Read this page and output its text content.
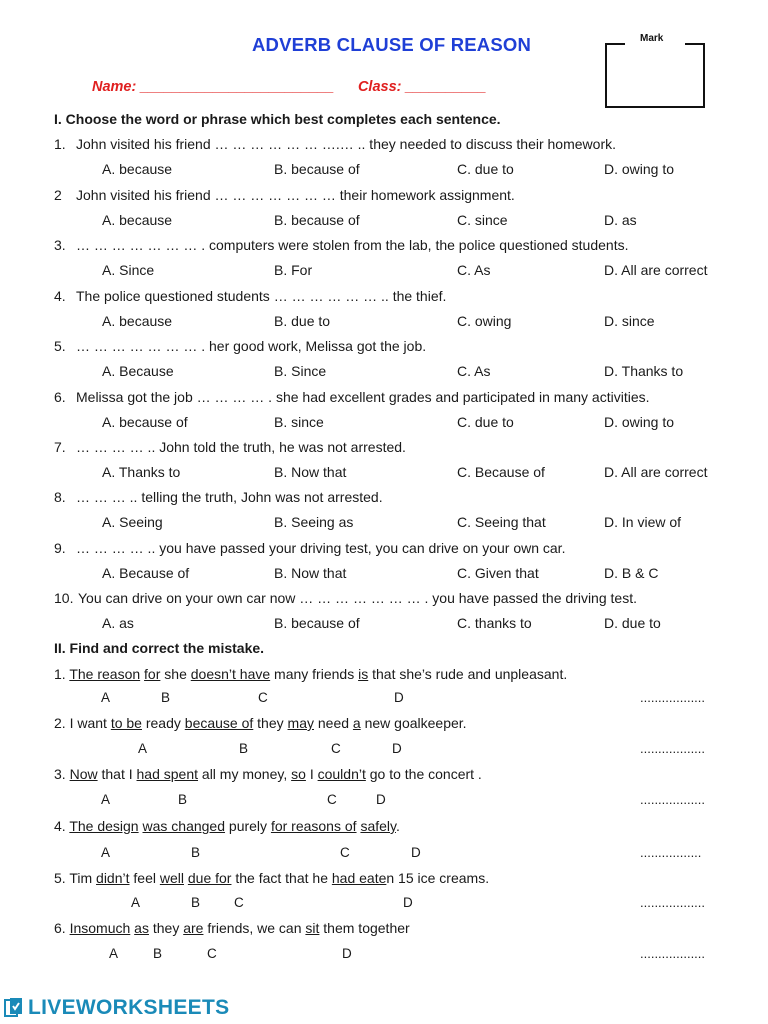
ADVERB CLAUSE OF REASON
Name: ________________________ Class: __________
Mark
I. Choose the word or phrase which best completes each sentence.
1. John visited his friend … … … … … … ….… .. they needed to discuss their homework.
A. because	B. because of	C. due to	D. owing to
2 John visited his friend … … … … … … … their homework assignment.
A. because	B. because of	C. since	D. as
3. … … … … … … … . computers were stolen from the lab, the police questioned students.
A. Since	B. For	C. As	D. All are correct
4. The police questioned students … … … … … … .. the thief.
A. because	B. due to	C. owing	D. since
5. … … … … … … … . her good work, Melissa got the job.
A. Because	B. Since	C. As	D. Thanks to
6. Melissa got the job … … … … . she had excellent grades and participated in many activities.
A. because of	B. since	C. due to	D. owing to
7. … … … … .. John told the truth, he was not arrested.
A. Thanks to	B. Now that	C. Because of	D. All are correct
8. … … … .. telling the truth, John was not arrested.
A. Seeing	B. Seeing as	C. Seeing that	D. In view of
9. … … … … .. you have passed your driving test, you can drive on your own car.
A. Because of	B. Now that	C. Given that	D. B & C
10. You can drive on your own car now … … … … … … … . you have passed the driving test.
A. as	B. because of	C. thanks to	D. due to
II. Find and correct the mistake.
1. The reason for she doesn’t have many friends is that she’s rude and unpleasant.
A	B	C	D	..................
2. I want to be ready because of they may need a new goalkeeper.
A	B	C	D	..................
3. Now that I had spent all my money, so I couldn’t go to the concert .
A	B	C	D	..................
4. The design was changed purely for reasons of safely.
A	B	C	D	.................
5. Tim didn’t feel well due for the fact that he had eaten 15 ice creams.
A	B	C	D	..................
6. Insomuch as they are friends, we can sit them together
A	B	C	D	..................
LIVEWORKSHEETS
